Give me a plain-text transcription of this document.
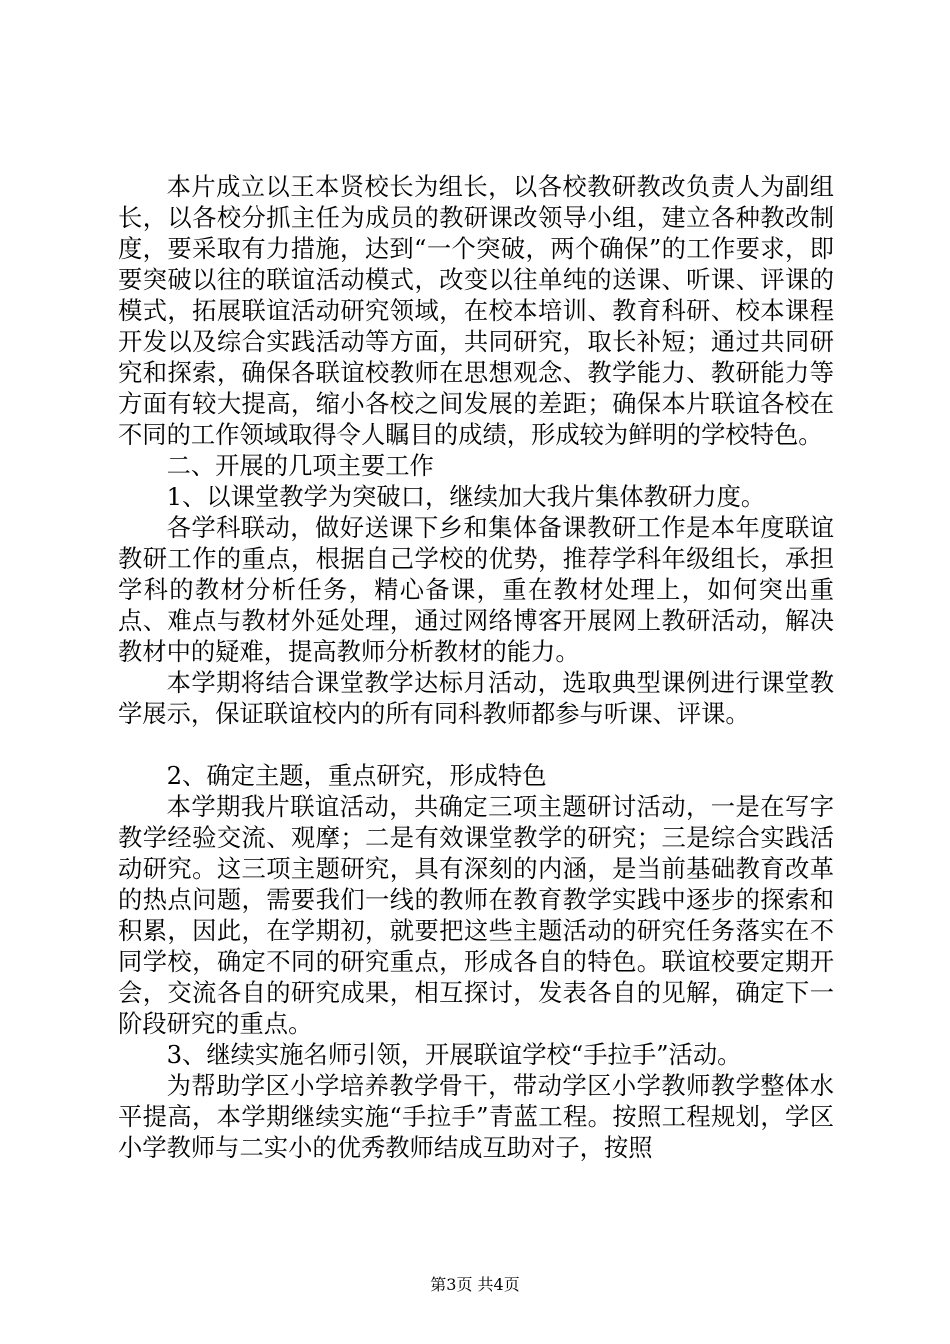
本片成立以王本贤校长为组长，以各校教研教改负责人为副组长，以各校分抓主任为成员的教研课改领导小组，建立各种教改制度，要采取有力措施，达到“一个突破，两个确保”的工作要求，即要突破以往的联谊活动模式，改变以往单纯的送课、听课、评课的模式，拓展联谊活动研究领域，在校本培训、教育科研、校本课程开发以及综合实践活动等方面，共同研究，取长补短；通过共同研究和探索，确保各联谊校教师在思想观念、教学能力、教研能力等方面有较大提高，缩小各校之间发展的差距；确保本片联谊各校在不同的工作领域取得令人瞩目的成绩，形成较为鲜明的学校特色。

二、开展的几项主要工作

1、以课堂教学为突破口，继续加大我片集体教研力度。

各学科联动，做好送课下乡和集体备课教研工作是本年度联谊教研工作的重点，根据自己学校的优势，推荐学科年级组长，承担学科的教材分析任务，精心备课，重在教材处理上，如何突出重点、难点与教材外延处理，通过网络博客开展网上教研活动，解决教材中的疑难，提高教师分析教材的能力。

本学期将结合课堂教学达标月活动，选取典型课例进行课堂教学展示，保证联谊校内的所有同科教师都参与听课、评课。

2、确定主题，重点研究，形成特色

本学期我片联谊活动，共确定三项主题研讨活动，一是在写字教学经验交流、观摩；二是有效课堂教学的研究；三是综合实践活动研究。这三项主题研究，具有深刻的内涵，是当前基础教育改革的热点问题，需要我们一线的教师在教育教学实践中逐步的探索和积累，因此，在学期初，就要把这些主题活动的研究任务落实在不同学校，确定不同的研究重点，形成各自的特色。联谊校要定期开会，交流各自的研究成果，相互探讨，发表各自的见解，确定下一阶段研究的重点。

3、继续实施名师引领，开展联谊学校“手拉手”活动。

为帮助学区小学培养教学骨干，带动学区小学教师教学整体水平提高，本学期继续实施“手拉手”青蓝工程。按照工程规划，学区小学教师与二实小的优秀教师结成互助对子，按照

第3页 共4页
